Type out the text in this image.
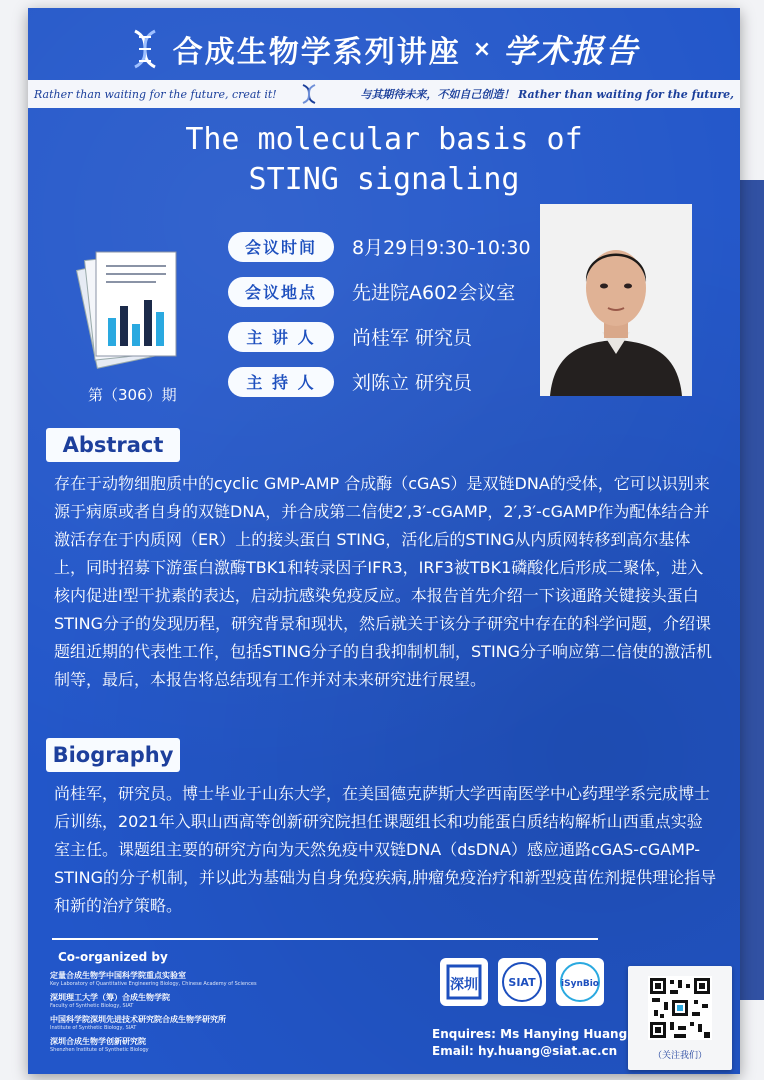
合成生物学系列讲座 × 学术报告
Rather than waiting for the future, creat it!	与其期待未来，不如自己创造！ Rather than waiting for the future,
The molecular basis of
STING signaling
第（306）期
会议时间	8月29日9:30-10:30
会议地点	先进院A602会议室
主 讲 人	尚桂军 研究员
主 持 人	刘陈立 研究员
Abstract
存在于动物细胞质中的cyclic GMP-AMP 合成酶（cGAS）是双链DNA的受体，它可以识别来源于病原或者自身的双链DNA，并合成第二信使2′,3′-cGAMP，2′,3′-cGAMP作为配体结合并激活存在于内质网（ER）上的接头蛋白 STING，活化后的STING从内质网转移到高尔基体上，同时招募下游蛋白激酶TBK1和转录因子IFR3，IRF3被TBK1磷酸化后形成二聚体，进入核内促进I型干扰素的表达，启动抗感染免疫反应。本报告首先介绍一下该通路关键接头蛋白STING分子的发现历程，研究背景和现状，然后就关于该分子研究中存在的科学问题，介绍课题组近期的代表性工作，包括STING分子的自我抑制机制，STING分子响应第二信使的激活机制等，最后，本报告将总结现有工作并对未来研究进行展望。
Biography
尚桂军，研究员。博士毕业于山东大学，在美国德克萨斯大学西南医学中心药理学系完成博士后训练，2021年入职山西高等创新研究院担任课题组长和功能蛋白质结构解析山西重点实验室主任。课题组主要的研究方向为天然免疫中双链DNA（dsDNA）感应通路cGAS-cGAMP-STING的分子机制，并以此为基础为自身免疫疾病,肿瘤免疫治疗和新型疫苗佐剂提供理论指导和新的治疗策略。
Co-organized by
定量合成生物学中国科学院重点实验室
Key Laboratory of Quantitative Engineering Biology, Chinese Academy of Sciences
深圳理工大学（筹）合成生物学院
Faculty of Synthetic Biology, SIAT
中国科学院深圳先进技术研究院合成生物学研究所
Institute of Synthetic Biology, SIAT
深圳合成生物学创新研究院
Shenzhen Institute of Synthetic Biology
深圳	SIAT	iSynBio
Enquires: Ms Hanying Huang
Email: hy.huang@siat.ac.cn	（关注我们）
